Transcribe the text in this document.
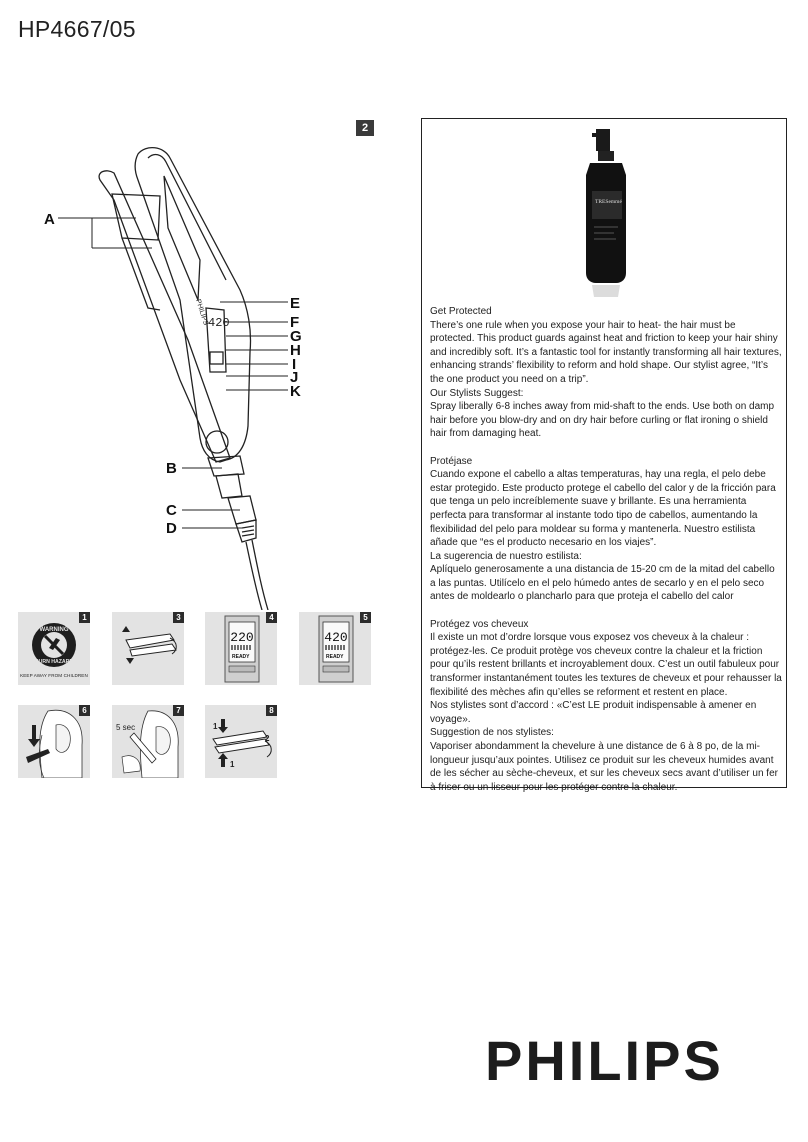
HP4667/05
2
PHILIPS
420
A
B
C
D
E
F
G
H
I
J
K
TRESemmé

Get Protected

There’s one rule when you expose your hair to heat- the hair must be protected. This product guards against heat and friction to keep your hair shiny and incredibly soft. It’s a fantastic tool for instantly transforming all hair textures, enhancing strands’ flexibility to reform and hold shape. Our stylist agree, “It’s the one product you need on a trip”.

Our Stylists Suggest:

Spray liberally 6-8 inches away from mid-shaft to the ends. Use both on damp hair before you blow-dry and on dry hair before curling or flat ironing o shield hair from damaging heat.

Protéjase

Cuando expone el cabello a altas temperaturas, hay una regla, el pelo debe estar protegido. Este producto protege el cabello del calor y de la fricción para que tenga un pelo increíblemente suave y brillante. Es una herramienta perfecta para transformar al instante todo tipo de cabellos, aumentando la flexibilidad del pelo para moldear su forma y mantenerla. Nuestro estilista añade que “es el producto necesario en los viajes”.

La sugerencia de nuestro estilista:

Aplíquelo generosamente a una distancia de 15-20 cm de la mitad del cabello a las puntas. Utilícelo en el pelo húmedo antes de secarlo y en el pelo seco antes de moldearlo o plancharlo para que proteja el cabello del calor

Protégez vos cheveux

Il existe un mot d’ordre lorsque vous exposez vos cheveux à la chaleur : protégez-les. Ce produit protège vos cheveux contre la chaleur et la friction pour qu’ils restent brillants et incroyablement doux. C’est un outil fabuleux pour transformer instantanément toutes les textures de cheveux et pour rehausser la flexibilité des mèches afin qu’elles se reforment et restent en place.

Nos stylistes sont d’accord : «C’est LE produit indispensable à amener en voyage».

Suggestion de nos stylistes:

Vaporiser abondamment la chevelure à une distance de 6 à 8 po, de la mi-longueur jusqu’aux pointes. Utilisez ce produit sur les cheveux humides avant de les sécher au sèche-cheveux, et sur les cheveux secs avant d’utiliser un fer à friser ou un lisseur pour les protéger contre la chaleur.

WARNING
BURN HAZARD
KEEP AWAY FROM CHILDREN
1	3
220
READY
4
420
READY
5
6
5 sec
7
1
2
1
8
PHILIPS
